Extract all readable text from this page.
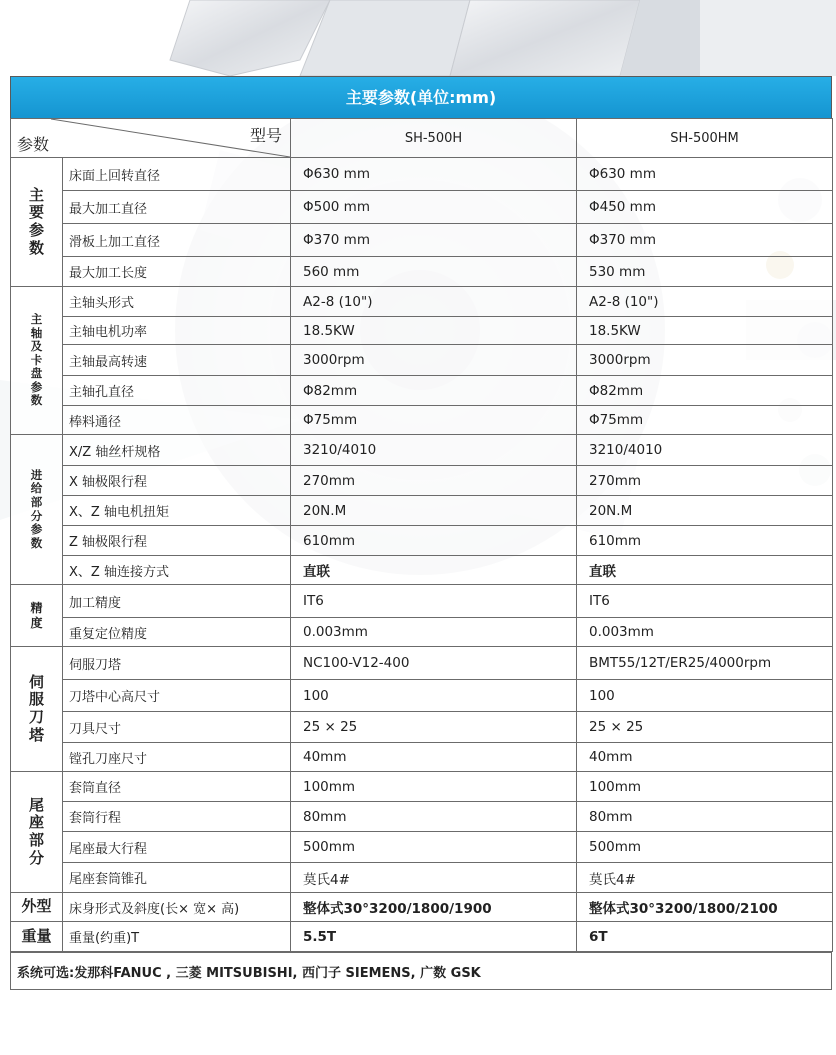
主要参数(单位:mm)
型号
参数		SH-500H	SH-500HM
主要参数	床面上回转直径	Φ630 mm	Φ630 mm
	最大加工直径	Φ500 mm	Φ450 mm
	滑板上加工直径	Φ370 mm	Φ370 mm
	最大加工长度	560 mm	530 mm
主轴及卡盘参数	主轴头形式	A2-8 (10")	A2-8 (10")
	主轴电机功率	18.5KW	18.5KW
	主轴最高转速	3000rpm	3000rpm
	主轴孔直径	Φ82mm	Φ82mm
	棒料通径	Φ75mm	Φ75mm
进给部分参数	X/Z 轴丝杆规格	3210/4010	3210/4010
	X 轴极限行程	270mm	270mm
	X、Z 轴电机扭矩	20N.M	20N.M
	Z 轴极限行程	610mm	610mm
	X、Z 轴连接方式	直联	直联
精度	加工精度	IT6	IT6
	重复定位精度	0.003mm	0.003mm
伺服刀塔	伺服刀塔	NC100-V12-400	BMT55/12T/ER25/4000rpm
	刀塔中心高尺寸	100	100
	刀具尺寸	25 × 25	25 × 25
	镗孔刀座尺寸	40mm	40mm
尾座部分	套筒直径	100mm	100mm
	套筒行程	80mm	80mm
	尾座最大行程	500mm	500mm
	尾座套筒锥孔	莫氏4#	莫氏4#
外型	床身形式及斜度(长× 宽× 高)	整体式30°3200/1800/1900	整体式30°3200/1800/2100
重量	重量(约重)T	5.5T	6T
系统可选:发那科FANUC , 三菱 MITSUBISHI, 西门子 SIEMENS, 广数 GSK
